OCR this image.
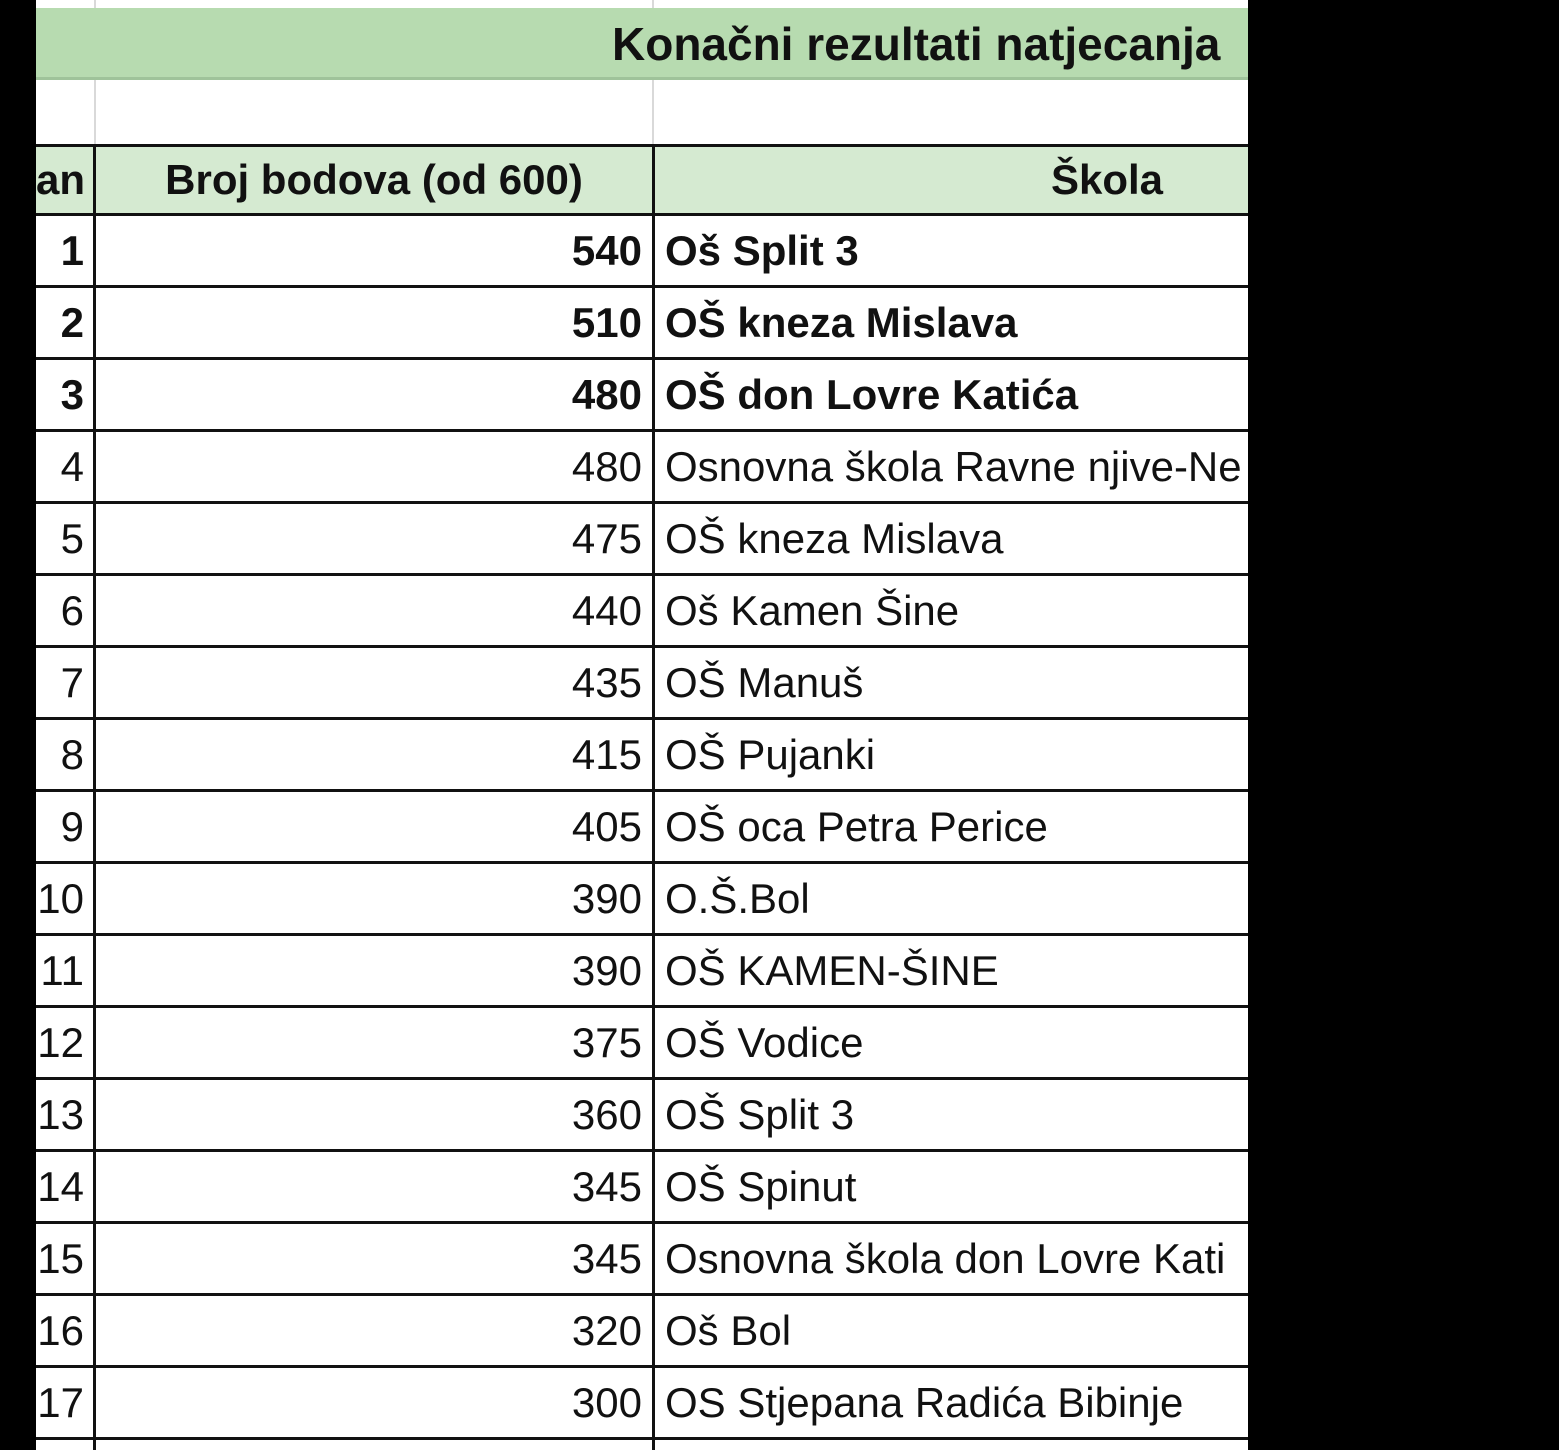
Konačni rezultati natjecanja
an	Broj bodova (od 600)	Škola
1	540 Oš Split 3
2	510 OŠ kneza Mislava
3	480 OŠ don Lovre Katića
4	480 Osnovna škola Ravne njive-Ne
5	475 OŠ kneza Mislava
6	440 Oš Kamen Šine
7	435 OŠ Manuš
8	415 OŠ Pujanki
9	405 OŠ oca Petra Perice
10	390 O.Š.Bol
11	390 OŠ KAMEN-ŠINE
12	375 OŠ Vodice
13	360 OŠ Split 3
14	345 OŠ Spinut
15	345 Osnovna škola don Lovre Kati
16	320 Oš Bol
17	300 OS Stjepana Radića Bibinje
